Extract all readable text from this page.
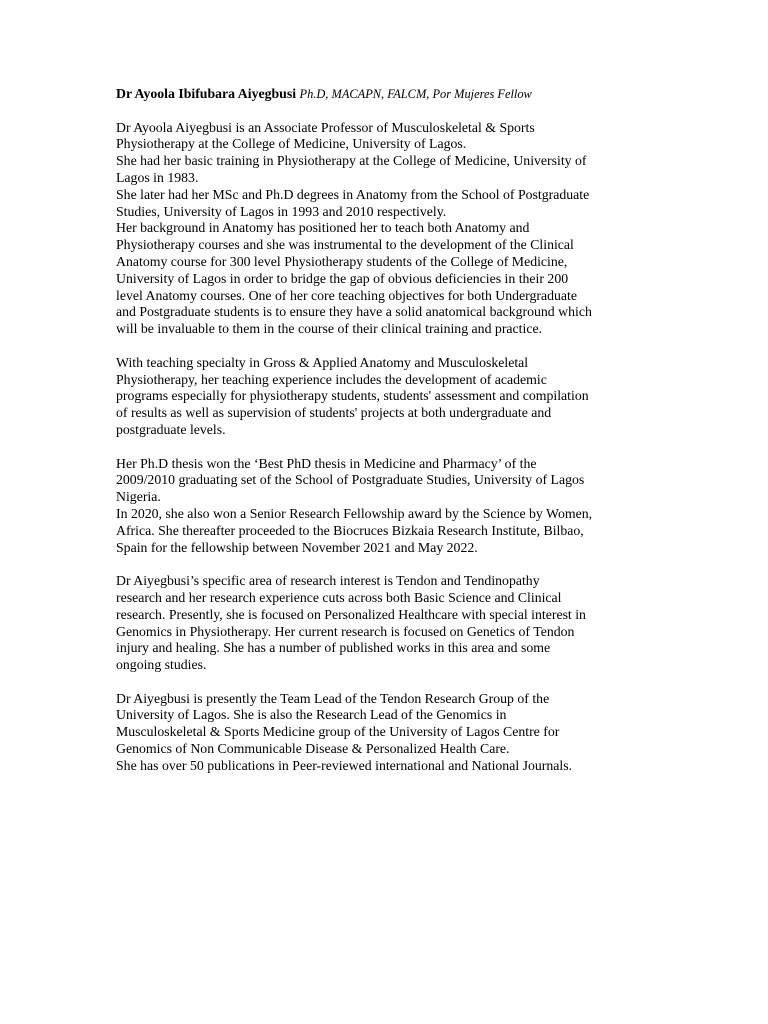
Dr Ayoola Ibifubara Aiyegbusi Ph.D, MACAPN, FALCM, Por Mujeres Fellow
Dr Ayoola Aiyegbusi is an Associate Professor of Musculoskeletal & Sports
Physiotherapy at the College of Medicine, University of Lagos.
She had her basic training in Physiotherapy at the College of Medicine, University of
Lagos in 1983.
She later had her MSc and Ph.D degrees in Anatomy from the School of Postgraduate
Studies, University of Lagos in 1993 and 2010 respectively.
Her background in Anatomy has positioned her to teach both Anatomy and
Physiotherapy courses and she was instrumental to the development of the Clinical
Anatomy course for 300 level Physiotherapy students of the College of Medicine,
University of Lagos in order to bridge the gap of obvious deficiencies in their 200
level Anatomy courses. One of her core teaching objectives for both Undergraduate
and Postgraduate students is to ensure they have a solid anatomical background which
will be invaluable to them in the course of their clinical training and practice.
With teaching specialty in Gross & Applied Anatomy and Musculoskeletal
Physiotherapy, her teaching experience includes the development of academic
programs especially for physiotherapy students, students' assessment and compilation
of results as well as supervision of students' projects at both undergraduate and
postgraduate levels.
Her Ph.D thesis won the ‘Best PhD thesis in Medicine and Pharmacy’ of the
2009/2010 graduating set of the School of Postgraduate Studies, University of Lagos
Nigeria.
In 2020, she also won a Senior Research Fellowship award by the Science by Women,
Africa. She thereafter proceeded to the Biocruces Bizkaia Research Institute, Bilbao,
Spain for the fellowship between November 2021 and May 2022.
Dr Aiyegbusi’s specific area of research interest is Tendon and Tendinopathy
research and her research experience cuts across both Basic Science and Clinical
research. Presently, she is focused on Personalized Healthcare with special interest in
Genomics in Physiotherapy. Her current research is focused on Genetics of Tendon
injury and healing. She has a number of published works in this area and some
ongoing studies.
Dr Aiyegbusi is presently the Team Lead of the Tendon Research Group of the
University of Lagos. She is also the Research Lead of the Genomics in
Musculoskeletal & Sports Medicine group of the University of Lagos Centre for
Genomics of Non Communicable Disease & Personalized Health Care.
She has over 50 publications in Peer-reviewed international and National Journals.
